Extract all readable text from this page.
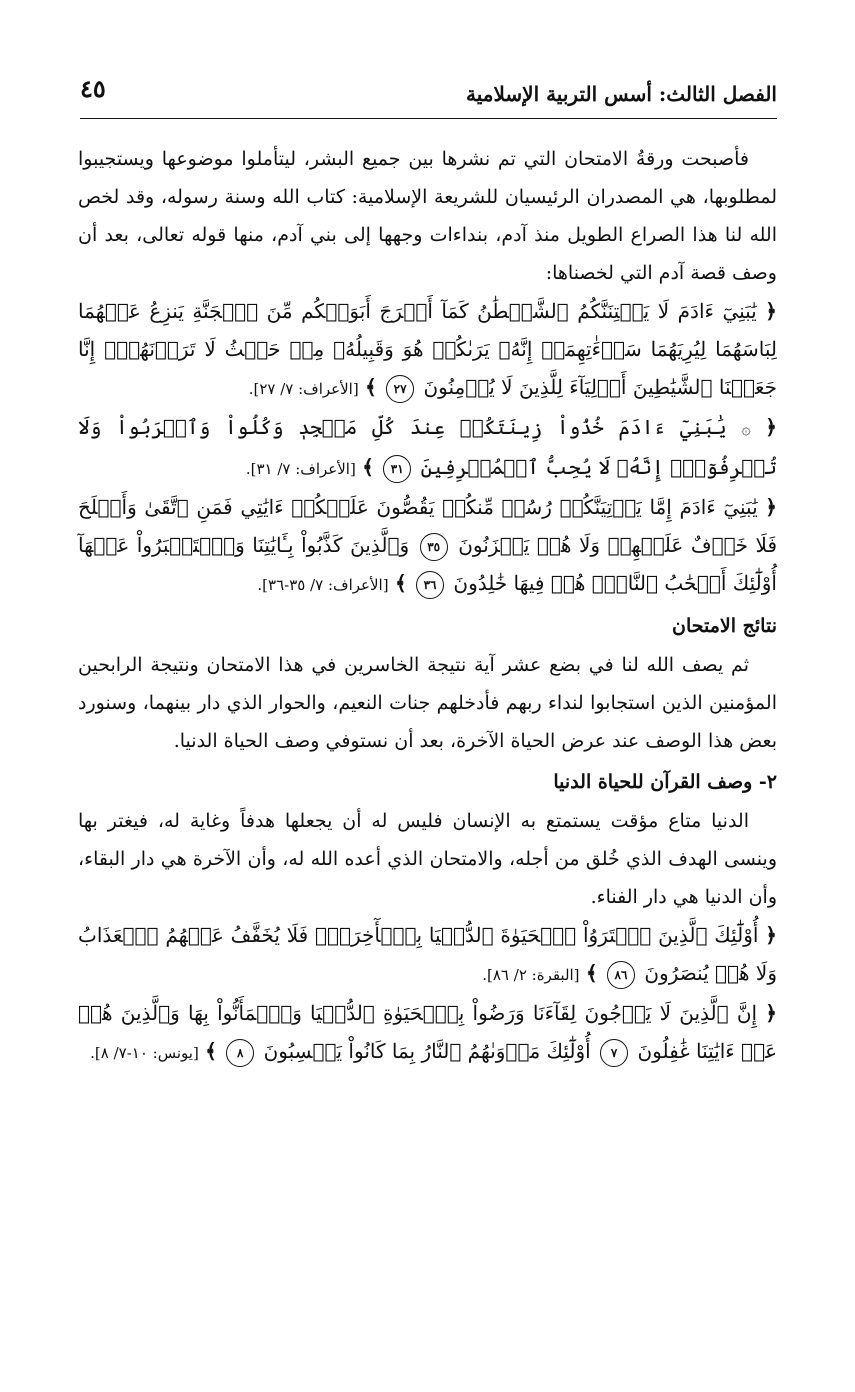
الفصل الثالث: أسس التربية الإسلامية
٤٥

فأصبحت ورقةُ الامتحان التي تم نشرها بين جميع البشر، ليتأملوا موضوعها ويستجيبوا لمطلوبها، هي المصدران الرئيسيان للشريعة الإسلامية: كتاب الله وسنة رسوله، وقد لخص الله لنا هذا الصراع الطويل منذ آدم، بنداءات وجهها إلى بني آدم، منها قوله تعالى، بعد أن وصف قصة آدم التي لخصناها:

﴿ يَٰبَنِيٓ ءَادَمَ لَا يَفۡتِنَنَّكُمُ ٱلشَّيۡطَٰنُ كَمَآ أَخۡرَجَ أَبَوَيۡكُم مِّنَ ٱلۡجَنَّةِ يَنزِعُ عَنۡهُمَا لِبَاسَهُمَا لِيُرِيَهُمَا سَوۡءَٰتِهِمَآۚ إِنَّهُۥ يَرَىٰكُمۡ هُوَ وَقَبِيلُهُۥ مِنۡ حَيۡثُ لَا تَرَوۡنَهُمۡۗ إِنَّا جَعَلۡنَا ٱلشَّيَٰطِينَ أَوۡلِيَآءَ لِلَّذِينَ لَا يُؤۡمِنُونَ ٢٧ ﴾ [الأعراف: ٧/ ٢٧].

﴿ ۞ يَٰبَنِيٓ ءَادَمَ خُذُواْ زِينَتَكُمۡ عِندَ كُلِّ مَسۡجِدٖ وَكُلُواْ وَٱشۡرَبُواْ وَلَا تُسۡرِفُوٓاْۚ إِنَّهُۥ لَا يُحِبُّ ٱلۡمُسۡرِفِينَ ٣١ ﴾ [الأعراف: ٧/ ٣١].

﴿ يَٰبَنِيٓ ءَادَمَ إِمَّا يَأۡتِيَنَّكُمۡ رُسُلٞ مِّنكُمۡ يَقُصُّونَ عَلَيۡكُمۡ ءَايَٰتِي فَمَنِ ٱتَّقَىٰ وَأَصۡلَحَ فَلَا خَوۡفٌ عَلَيۡهِمۡ وَلَا هُمۡ يَحۡزَنُونَ ٣٥ وَٱلَّذِينَ كَذَّبُواْ بِـَٔايَٰتِنَا وَٱسۡتَكۡبَرُواْ عَنۡهَآ أُوْلَٰٓئِكَ أَصۡحَٰبُ ٱلنَّارِۖ هُمۡ فِيهَا خَٰلِدُونَ ٣٦ ﴾ [الأعراف: ٧/ ٣٥-٣٦].

نتائج الامتحان

ثم يصف الله لنا في بضع عشر آية نتيجة الخاسرين في هذا الامتحان ونتيجة الرابحين المؤمنين الذين استجابوا لنداء ربهم فأدخلهم جنات النعيم، والحوار الذي دار بينهما، وسنورد بعض هذا الوصف عند عرض الحياة الآخرة، بعد أن نستوفي وصف الحياة الدنيا.

٢- وصف القرآن للحياة الدنيا

الدنيا متاع مؤقت يستمتع به الإنسان فليس له أن يجعلها هدفاً وغاية له، فيغتر بها وينسى الهدف الذي خُلق من أجله، والامتحان الذي أعده الله له، وأن الآخرة هي دار البقاء، وأن الدنيا هي دار الفناء.

﴿ أُوْلَٰٓئِكَ ٱلَّذِينَ ٱشۡتَرَوُاْ ٱلۡحَيَوٰةَ ٱلدُّنۡيَا بِٱلۡأٓخِرَةِۖ فَلَا يُخَفَّفُ عَنۡهُمُ ٱلۡعَذَابُ وَلَا هُمۡ يُنصَرُونَ ٨٦ ﴾ [البقرة: ٢/ ٨٦].

﴿ إِنَّ ٱلَّذِينَ لَا يَرۡجُونَ لِقَآءَنَا وَرَضُواْ بِٱلۡحَيَوٰةِ ٱلدُّنۡيَا وَٱطۡمَأَنُّواْ بِهَا وَٱلَّذِينَ هُمۡ عَنۡ ءَايَٰتِنَا غَٰفِلُونَ ٧ أُوْلَٰٓئِكَ مَأۡوَىٰهُمُ ٱلنَّارُ بِمَا كَانُواْ يَكۡسِبُونَ ٨ ﴾ [يونس: ١٠-٧/ ٨].
